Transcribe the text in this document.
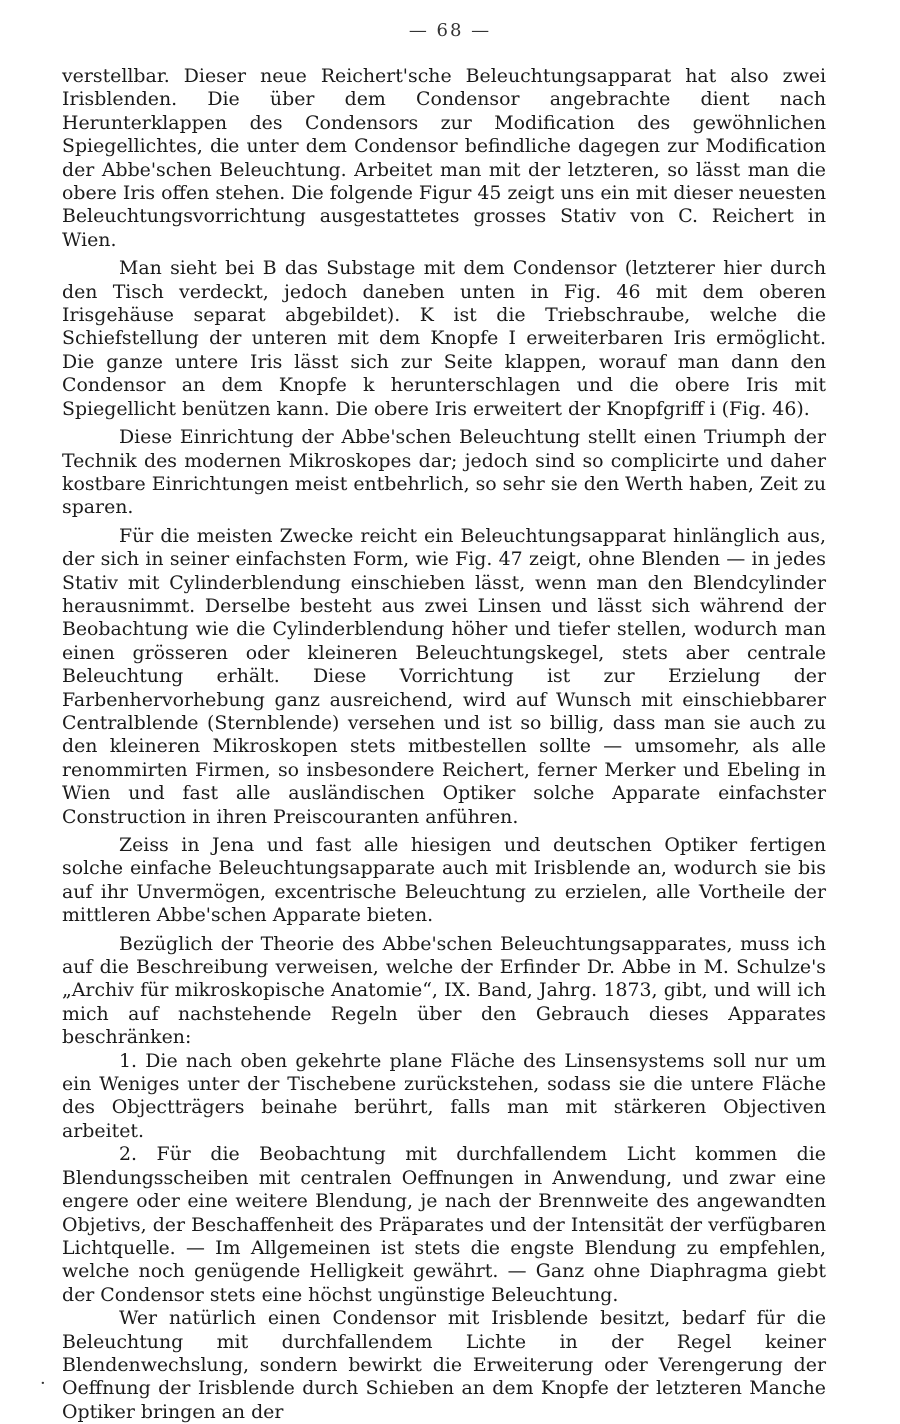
— 68 —

verstellbar. Dieser neue Reichert'sche Beleuchtungsapparat hat also zwei Irisblenden. Die über dem Condensor angebrachte dient nach Herunterklappen des Condensors zur Modification des gewöhnlichen Spiegellichtes, die unter dem Condensor befindliche dagegen zur Modification der Abbe'schen Beleuchtung. Arbeitet man mit der letzteren, so lässt man die obere Iris offen stehen. Die folgende Figur 45 zeigt uns ein mit dieser neuesten Beleuchtungsvorrichtung ausgestattetes grosses Stativ von C. Reichert in Wien.

Man sieht bei B das Substage mit dem Condensor (letzterer hier durch den Tisch verdeckt, jedoch daneben unten in Fig. 46 mit dem oberen Irisgehäuse separat abgebildet). K ist die Triebschraube, welche die Schiefstellung der unteren mit dem Knopfe I erweiterbaren Iris ermöglicht. Die ganze untere Iris lässt sich zur Seite klappen, worauf man dann den Condensor an dem Knopfe k herunterschlagen und die obere Iris mit Spiegellicht benützen kann. Die obere Iris erweitert der Knopfgriff i (Fig. 46).

Diese Einrichtung der Abbe'schen Beleuchtung stellt einen Triumph der Technik des modernen Mikroskopes dar; jedoch sind so complicirte und daher kostbare Einrichtungen meist entbehrlich, so sehr sie den Werth haben, Zeit zu sparen.

Für die meisten Zwecke reicht ein Beleuchtungsapparat hinlänglich aus, der sich in seiner einfachsten Form, wie Fig. 47 zeigt, ohne Blenden — in jedes Stativ mit Cylinderblendung einschieben lässt, wenn man den Blendcylinder herausnimmt. Derselbe besteht aus zwei Linsen und lässt sich während der Beobachtung wie die Cylinderblendung höher und tiefer stellen, wodurch man einen grösseren oder kleineren Beleuchtungskegel, stets aber centrale Beleuchtung erhält. Diese Vorrichtung ist zur Erzielung der Farbenhervorhebung ganz ausreichend, wird auf Wunsch mit einschiebbarer Centralblende (Sternblende) versehen und ist so billig, dass man sie auch zu den kleineren Mikroskopen stets mitbestellen sollte — umsomehr, als alle renommirten Firmen, so insbesondere Reichert, ferner Merker und Ebeling in Wien und fast alle ausländischen Optiker solche Apparate einfachster Construction in ihren Preiscouranten anführen.

Zeiss in Jena und fast alle hiesigen und deutschen Optiker fertigen solche einfache Beleuchtungsapparate auch mit Irisblende an, wodurch sie bis auf ihr Unvermögen, excentrische Beleuchtung zu erzielen, alle Vortheile der mittleren Abbe'schen Apparate bieten.

Bezüglich der Theorie des Abbe'schen Beleuchtungsapparates, muss ich auf die Beschreibung verweisen, welche der Erfinder Dr. Abbe in M. Schulze's „Archiv für mikroskopische Anatomie“, IX. Band, Jahrg. 1873, gibt, und will ich mich auf nachstehende Regeln über den Gebrauch dieses Apparates beschränken:

1. Die nach oben gekehrte plane Fläche des Linsensystems soll nur um ein Weniges unter der Tischebene zurückstehen, sodass sie die untere Fläche des Objectträgers beinahe berührt, falls man mit stärkeren Objectiven arbeitet.

2. Für die Beobachtung mit durchfallendem Licht kommen die Blendungsscheiben mit centralen Oeffnungen in Anwendung, und zwar eine engere oder eine weitere Blendung, je nach der Brennweite des angewandten Objetivs, der Beschaffenheit des Präparates und der Intensität der verfügbaren Lichtquelle. — Im Allgemeinen ist stets die engste Blendung zu empfehlen, welche noch genügende Helligkeit gewährt. — Ganz ohne Diaphragma giebt der Condensor stets eine höchst ungünstige Beleuchtung.

Wer natürlich einen Condensor mit Irisblende besitzt, bedarf für die Beleuchtung mit durchfallendem Lichte in der Regel keiner Blendenwechslung, sondern bewirkt die Erweiterung oder Verengerung der Oeffnung der Irisblende durch Schieben an dem Knopfe der letzteren Manche Optiker bringen an der

·
